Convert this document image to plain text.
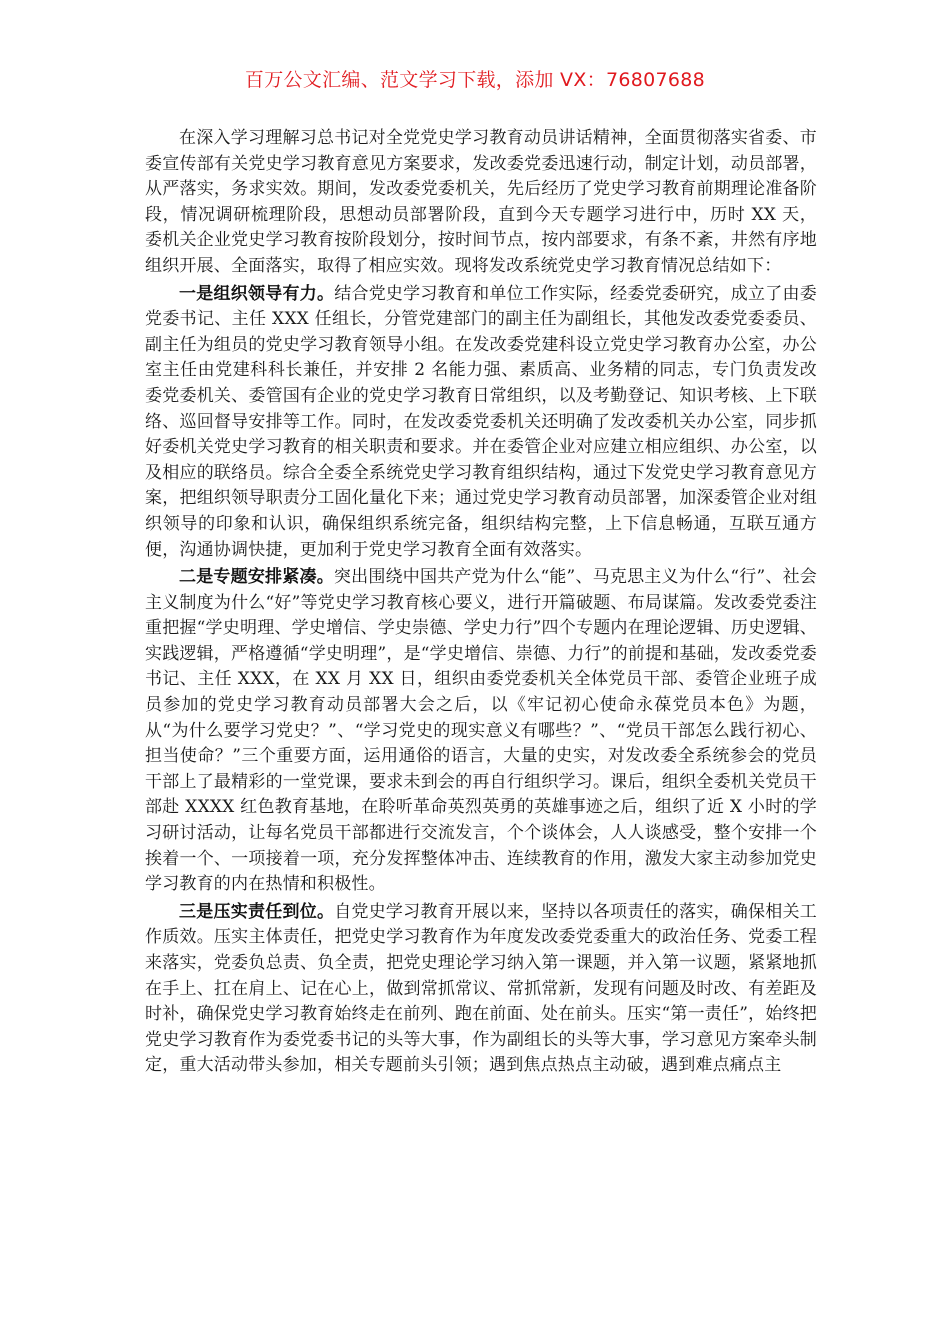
百万公文汇编、范文学习下载，添加 VX：76807688

在深入学习理解习总书记对全党党史学习教育动员讲话精神，全面贯彻落实省委、市委宣传部有关党史学习教育意见方案要求，发改委党委迅速行动，制定计划，动员部署，从严落实，务求实效。期间，发改委党委机关，先后经历了党史学习教育前期理论准备阶段，情况调研梳理阶段，思想动员部署阶段，直到今天专题学习进行中，历时 XX 天，委机关企业党史学习教育按阶段划分，按时间节点，按内部要求，有条不紊，井然有序地组织开展、全面落实，取得了相应实效。现将发改系统党史学习教育情况总结如下：

一是组织领导有力。结合党史学习教育和单位工作实际，经委党委研究，成立了由委党委书记、主任 XXX 任组长，分管党建部门的副主任为副组长，其他发改委党委委员、副主任为组员的党史学习教育领导小组。在发改委党建科设立党史学习教育办公室，办公室主任由党建科科长兼任，并安排 2 名能力强、素质高、业务精的同志，专门负责发改委党委机关、委管国有企业的党史学习教育日常组织，以及考勤登记、知识考核、上下联络、巡回督导安排等工作。同时，在发改委党委机关还明确了发改委机关办公室，同步抓好委机关党史学习教育的相关职责和要求。并在委管企业对应建立相应组织、办公室，以及相应的联络员。综合全委全系统党史学习教育组织结构，通过下发党史学习教育意见方案，把组织领导职责分工固化量化下来；通过党史学习教育动员部署，加深委管企业对组织领导的印象和认识，确保组织系统完备，组织结构完整，上下信息畅通，互联互通方便，沟通协调快捷，更加利于党史学习教育全面有效落实。

二是专题安排紧凑。突出围绕中国共产党为什么“能”、马克思主义为什么“行”、社会主义制度为什么“好”等党史学习教育核心要义，进行开篇破题、布局谋篇。发改委党委注重把握“学史明理、学史增信、学史崇德、学史力行”四个专题内在理论逻辑、历史逻辑、实践逻辑，严格遵循“学史明理”，是“学史增信、崇德、力行”的前提和基础，发改委党委书记、主任 XXX，在 XX 月 XX 日，组织由委党委机关全体党员干部、委管企业班子成员参加的党史学习教育动员部署大会之后，以《牢记初心使命永葆党员本色》为题，从“为什么要学习党史？”、“学习党史的现实意义有哪些？”、“党员干部怎么践行初心、担当使命？”三个重要方面，运用通俗的语言，大量的史实，对发改委全系统参会的党员干部上了最精彩的一堂党课，要求未到会的再自行组织学习。课后，组织全委机关党员干部赴 XXXX 红色教育基地，在聆听革命英烈英勇的英雄事迹之后，组织了近 X 小时的学习研讨活动，让每名党员干部都进行交流发言，个个谈体会，人人谈感受，整个安排一个挨着一个、一项接着一项，充分发挥整体冲击、连续教育的作用，激发大家主动参加党史学习教育的内在热情和积极性。

三是压实责任到位。自党史学习教育开展以来，坚持以各项责任的落实，确保相关工作质效。压实主体责任，把党史学习教育作为年度发改委党委重大的政治任务、党委工程来落实，党委负总责、负全责，把党史理论学习纳入第一课题，并入第一议题，紧紧地抓在手上、扛在肩上、记在心上，做到常抓常议、常抓常新，发现有问题及时改、有差距及时补，确保党史学习教育始终走在前列、跑在前面、处在前头。压实“第一责任”，始终把党史学习教育作为委党委书记的头等大事，作为副组长的头等大事，学习意见方案牵头制定，重大活动带头参加，相关专题前头引领；遇到焦点热点主动破，遇到难点痛点主
